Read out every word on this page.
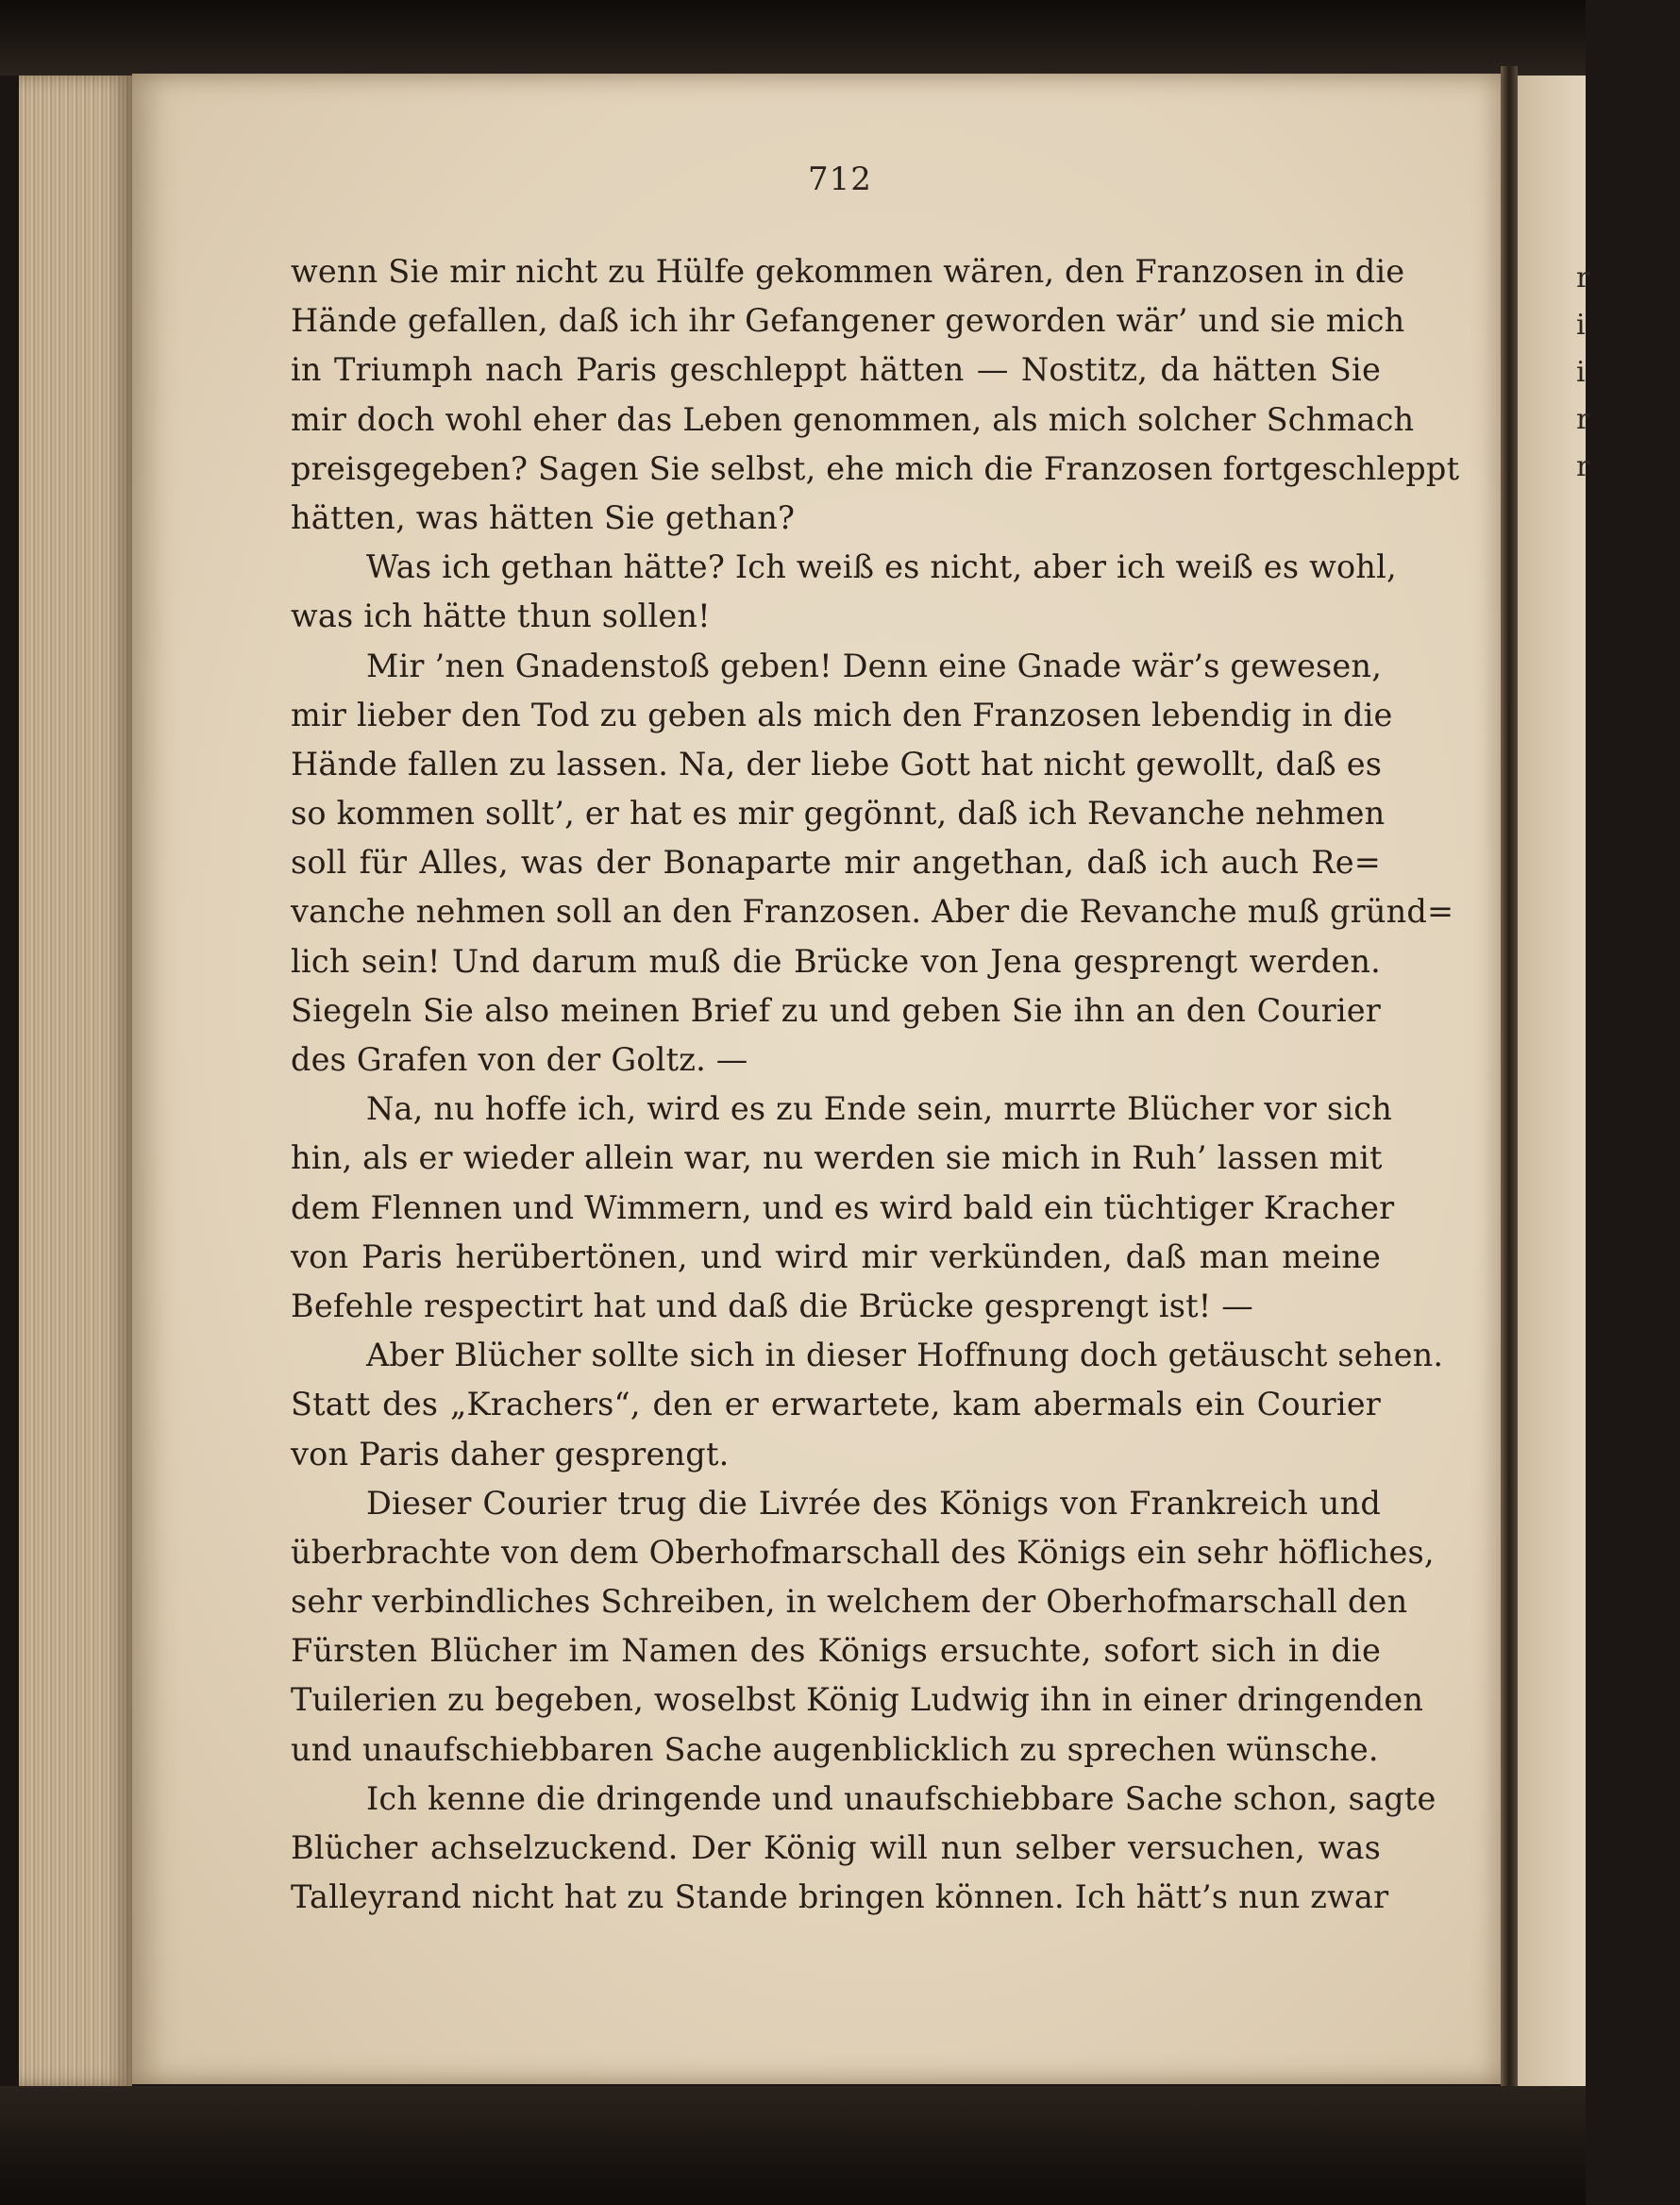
r
i
i
r
r
712
wenn Sie mir nicht zu Hülfe gekommen wären, den Franzosen in die
Hände gefallen, daß ich ihr Gefangener geworden wär’ und sie mich
in Triumph nach Paris geschleppt hätten — Nostitz, da hätten Sie
mir doch wohl eher das Leben genommen, als mich solcher Schmach
preisgegeben? Sagen Sie selbst, ehe mich die Franzosen fortgeschleppt
hätten, was hätten Sie gethan?
Was ich gethan hätte? Ich weiß es nicht, aber ich weiß es wohl,
was ich hätte thun sollen!
Mir ’nen Gnadenstoß geben! Denn eine Gnade wär’s gewesen,
mir lieber den Tod zu geben als mich den Franzosen lebendig in die
Hände fallen zu lassen. Na, der liebe Gott hat nicht gewollt, daß es
so kommen sollt’, er hat es mir gegönnt, daß ich Revanche nehmen
soll für Alles, was der Bonaparte mir angethan, daß ich auch Re=
vanche nehmen soll an den Franzosen. Aber die Revanche muß gründ=
lich sein! Und darum muß die Brücke von Jena gesprengt werden.
Siegeln Sie also meinen Brief zu und geben Sie ihn an den Courier
des Grafen von der Goltz. —
Na, nu hoffe ich, wird es zu Ende sein, murrte Blücher vor sich
hin, als er wieder allein war, nu werden sie mich in Ruh’ lassen mit
dem Flennen und Wimmern, und es wird bald ein tüchtiger Kracher
von Paris herübertönen, und wird mir verkünden, daß man meine
Befehle respectirt hat und daß die Brücke gesprengt ist! —
Aber Blücher sollte sich in dieser Hoffnung doch getäuscht sehen.
Statt des „Krachers“, den er erwartete, kam abermals ein Courier
von Paris daher gesprengt.
Dieser Courier trug die Livrée des Königs von Frankreich und
überbrachte von dem Oberhofmarschall des Königs ein sehr höfliches,
sehr verbindliches Schreiben, in welchem der Oberhofmarschall den
Fürsten Blücher im Namen des Königs ersuchte, sofort sich in die
Tuilerien zu begeben, woselbst König Ludwig ihn in einer dringenden
und unaufschiebbaren Sache augenblicklich zu sprechen wünsche.
Ich kenne die dringende und unaufschiebbare Sache schon, sagte
Blücher achselzuckend. Der König will nun selber versuchen, was
Talleyrand nicht hat zu Stande bringen können. Ich hätt’s nun zwar
